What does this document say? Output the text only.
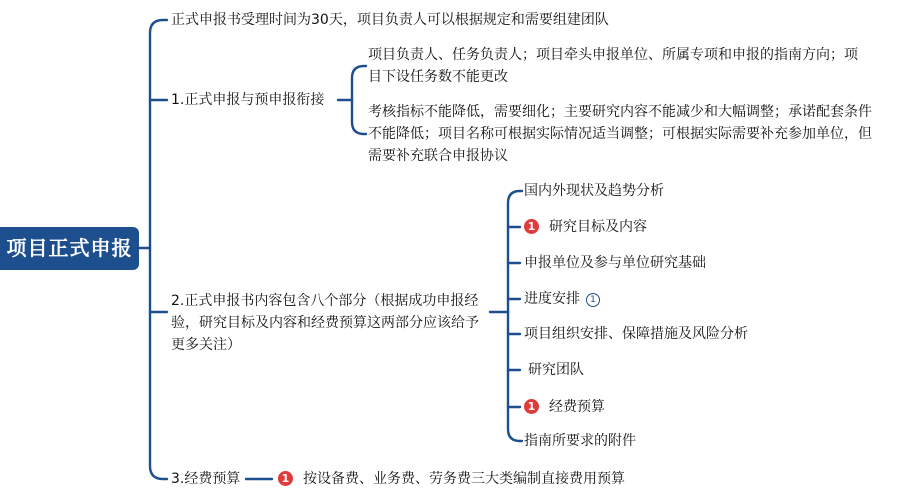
项目正式申报
正式申报书受理时间为30天，项目负责人可以根据规定和需要组建团队
1.正式申报与预申报衔接
项目负责人、任务负责人；项目牵头申报单位、所属专项和申报的指南方向；项目下设任务数不能更改
考核指标不能降低，需要细化；主要研究内容不能减少和大幅调整；承诺配套条件不能降低；项目名称可根据实际情况适当调整；可根据实际需要补充参加单位，但需要补充联合申报协议
2.正式申报书内容包含八个部分（根据成功申报经验，研究目标及内容和经费预算这两部分应该给予更多关注）
国内外现状及趋势分析
1 研究目标及内容
申报单位及参与单位研究基础
进度安排 1
项目组织安排、保障措施及风险分析
研究团队
1 经费预算
指南所要求的附件
3.经费预算	1 按设备费、业务费、劳务费三大类编制直接费用预算
